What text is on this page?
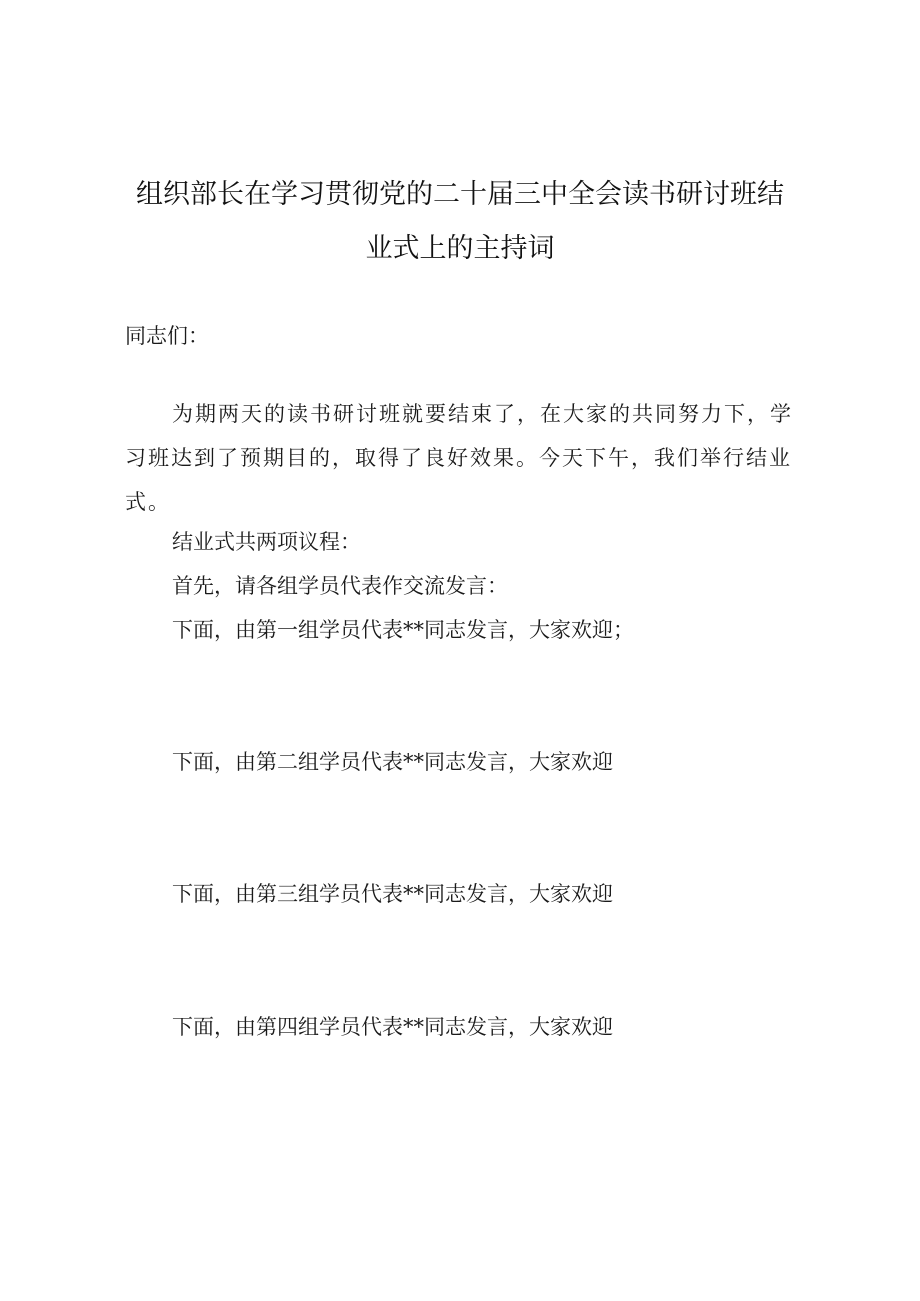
组织部长在学习贯彻党的二十届三中全会读书研讨班结
业式上的主持词

同志们：

为期两天的读书研讨班就要结束了，在大家的共同努力下，学习班达到了预期目的，取得了良好效果。今天下午，我们举行结业式。

结业式共两项议程：

首先，请各组学员代表作交流发言：

下面，由第一组学员代表**同志发言，大家欢迎；

下面，由第二组学员代表**同志发言，大家欢迎

下面，由第三组学员代表**同志发言，大家欢迎

下面，由第四组学员代表**同志发言，大家欢迎
